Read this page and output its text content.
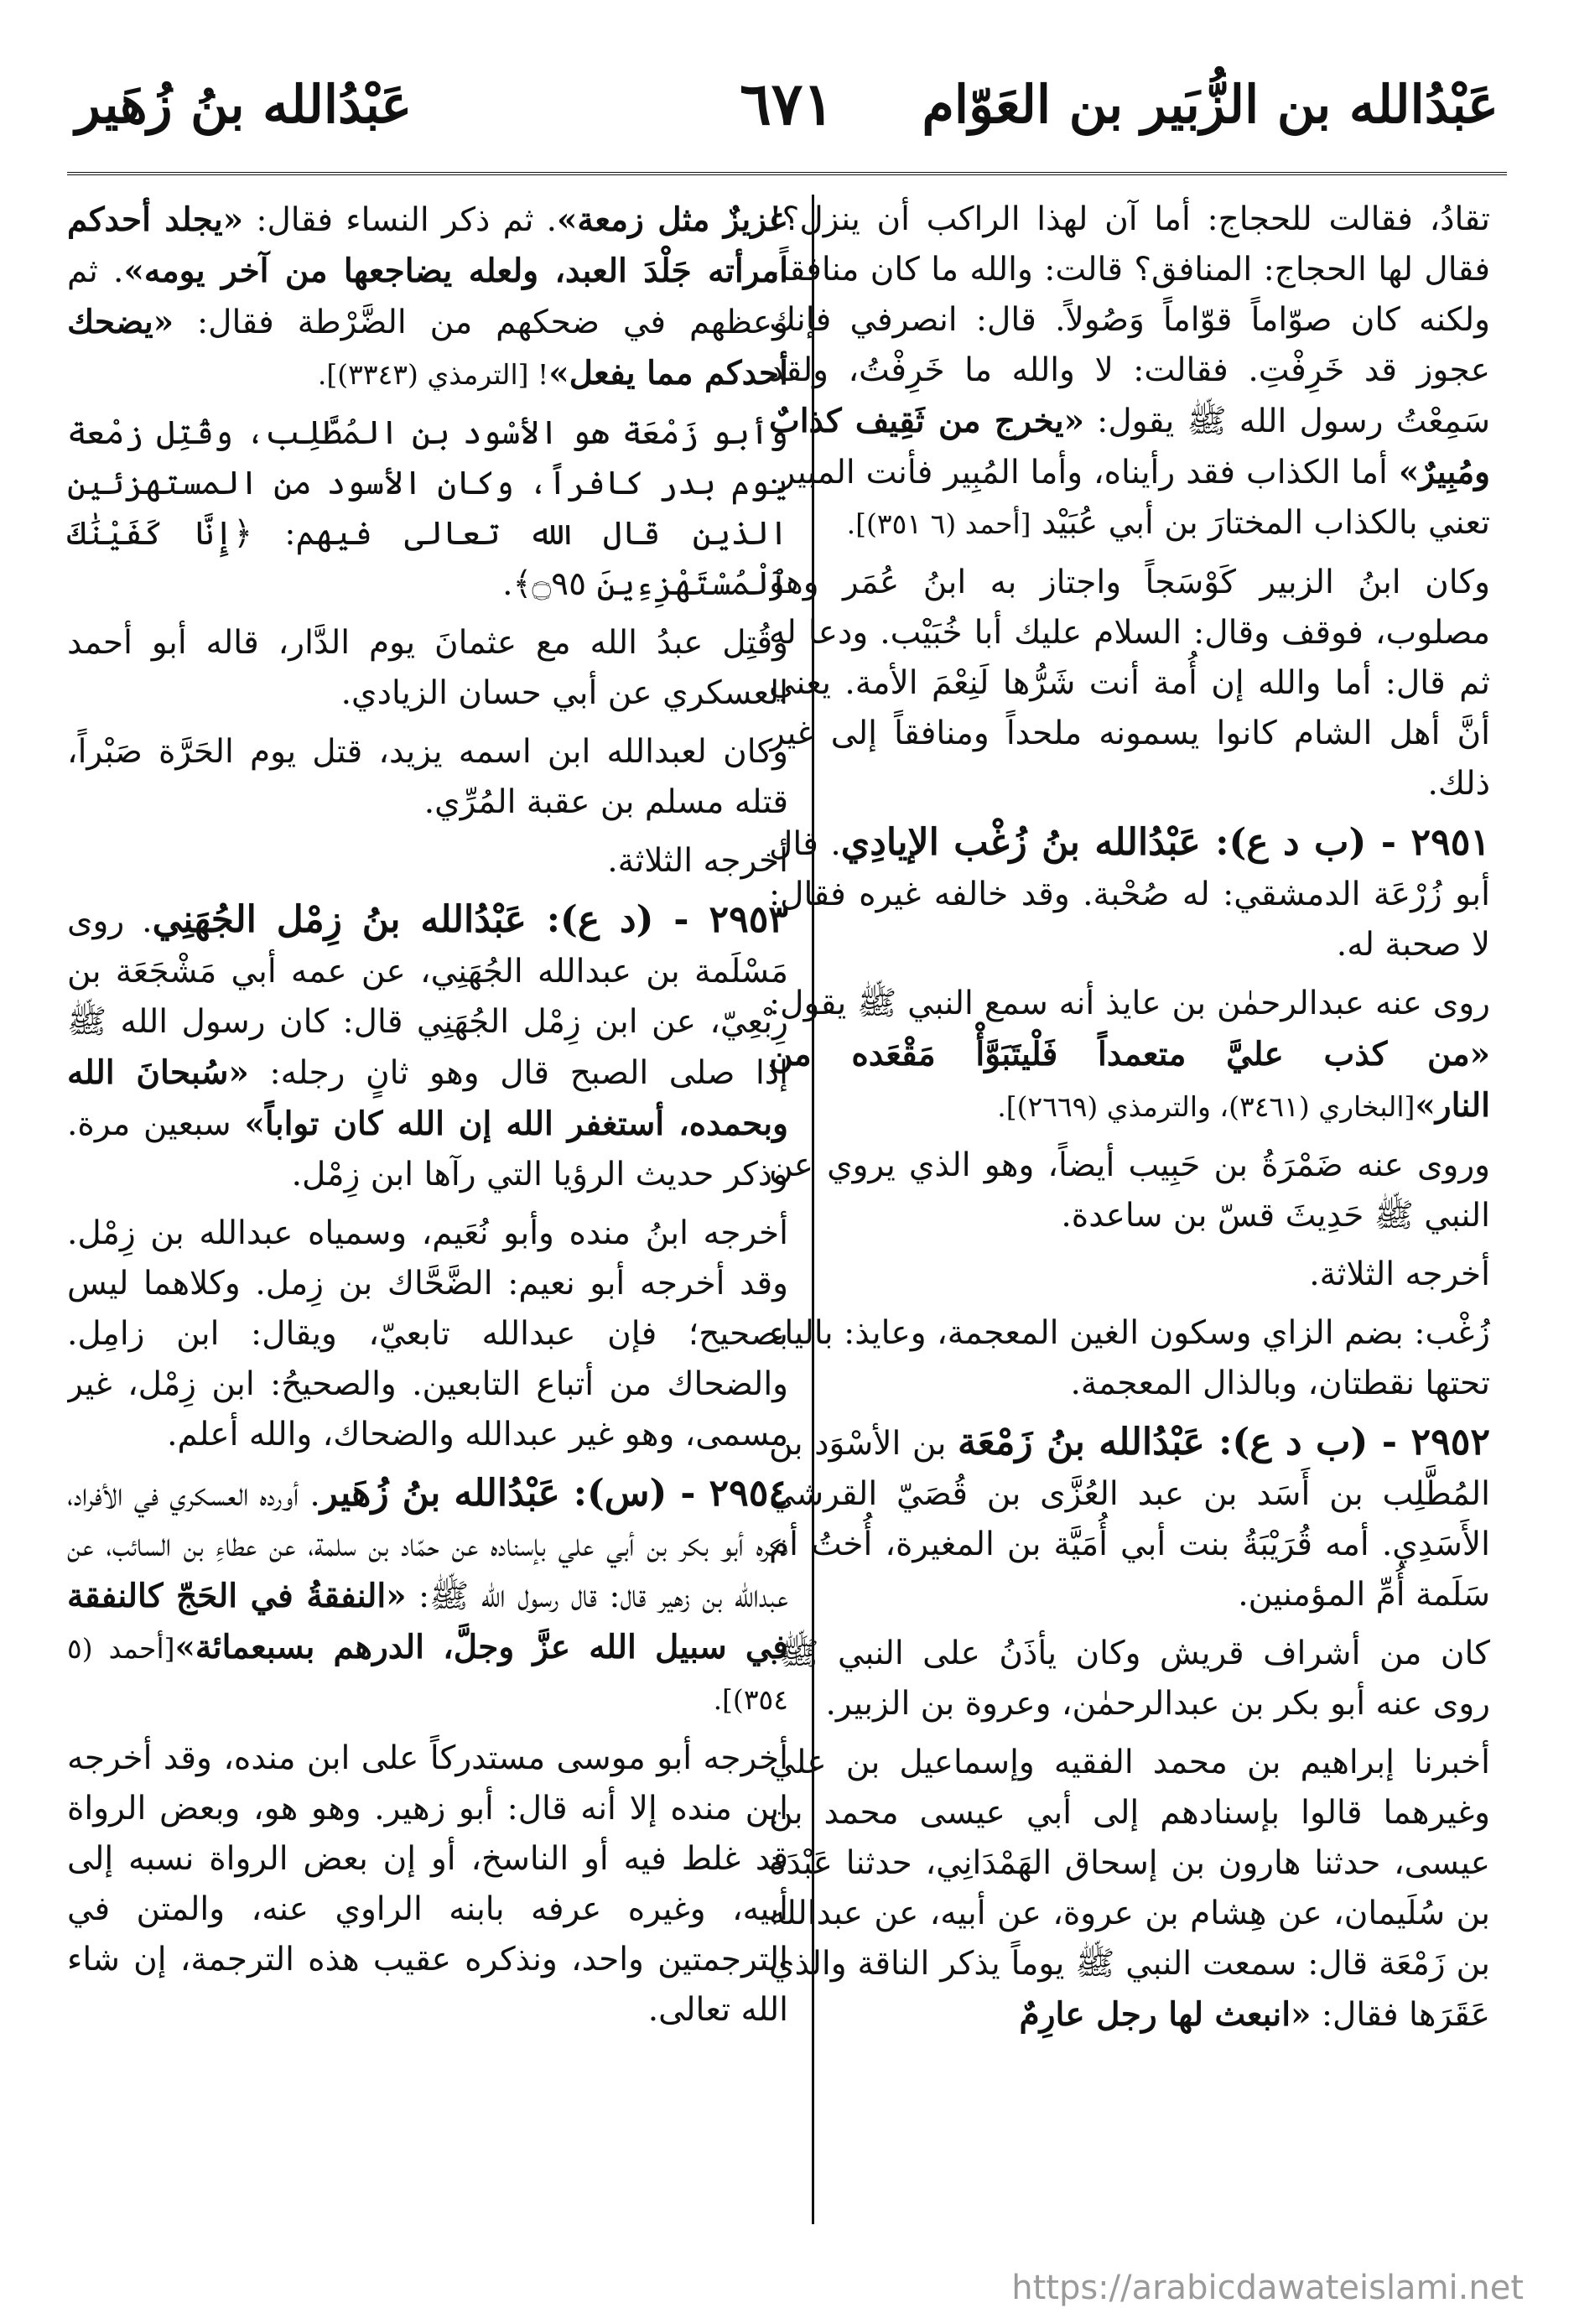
عَبْدُالله بن الزُّبَير بن العَوّام
٦٧١
عَبْدُالله بنُ زُهَير

تقادُ، فقالت للحجاج: أما آن لهذا الراكب أن ينزل؟! فقال لها الحجاج: المنافق؟ قالت: والله ما كان منافقاً، ولكنه كان صوّاماً قوّاماً وَصُولاً. قال: انصرفي فإنك عجوز قد خَرِفْتِ. فقالت: لا والله ما خَرِفْتُ، ولقد سَمِعْتُ رسول الله ﷺ يقول: «يخرج من ثَقِيف كذابٌ ومُبِيرٌ» أما الكذاب فقد رأيناه، وأما المُبِير فأنت المبير. تعني بالكذاب المختارَ بن أبي عُبَيْد [أحمد (٦ ٣٥١)].

وكان ابنُ الزبير كَوْسَجاً واجتاز به ابنُ عُمَر وهو مصلوب، فوقف وقال: السلام عليك أبا خُبَيْب. ودعا له ثم قال: أما والله إن أُمة أنت شَرُّها لَنِعْمَ الأمة. يعني أنَّ أهل الشام كانوا يسمونه ملحداً ومنافقاً إلى غير ذلك.

٢٩٥١ - (ب د ع): عَبْدُالله بنُ زُغْب الإيادِي. قال أبو زُرْعَة الدمشقي: له صُحْبة. وقد خالفه غيره فقال: لا صحبة له.

روى عنه عبدالرحمٰن بن عايذ أنه سمع النبي ﷺ يقول: «من كذب عليَّ متعمداً فَلْيتَبَوَّأْ مَقْعَده من النار»[البخاري (٣٤٦١)، والترمذي (٢٦٦٩)].

وروى عنه ضَمْرَةُ بن حَبِيب أيضاً، وهو الذي يروي عن النبي ﷺ حَدِيثَ قسّ بن ساعدة.

أخرجه الثلاثة.

زُغْب: بضم الزاي وسكون الغين المعجمة، وعايذ: بالياء تحتها نقطتان، وبالذال المعجمة.

٢٩٥٢ - (ب د ع): عَبْدُالله بنُ زَمْعَة بن الأسْوَد بن المُطَّلِب بن أَسَد بن عبد العُزَّى بن قُصَيّ القرشي الأَسَدِي. أمه قُرَيْبَةُ بنت أبي أُمَيَّة بن المغيرة، أُختُ أم سَلَمة أُمِّ المؤمنين.

كان من أشراف قريش وكان يأذَنُ على النبي ﷺ. روى عنه أبو بكر بن عبدالرحمٰن، وعروة بن الزبير.

أخبرنا إبراهيم بن محمد الفقيه وإسماعيل بن علي وغيرهما قالوا بإسنادهم إلى أبي عيسى محمد بن عيسى، حدثنا هارون بن إسحاق الهَمْدَانِي، حدثنا عَبْدَة بن سُلَيمان، عن هِشام بن عروة، عن أبيه، عن عبدالله بن زَمْعَة قال: سمعت النبي ﷺ يوماً يذكر الناقة والذي عَقَرَها فقال: «انبعث لها رجل عارِمٌ

عزيزٌ مثل زمعة». ثم ذكر النساء فقال: «يجلد أحدكم امرأته جَلْدَ العبد، ولعله يضاجعها من آخر يومه». ثم وعظهم في ضحكهم من الضَّرْطة فقال: «يضحك أحدكم مما يفعل»! [الترمذي (٣٣٤٣)].

وأبو زَمْعَة هو الأسْود بن المُطَّلِب، وقُتِل زمْعة يوم بدر كافراً، وكان الأسود من المستهزئين الذين قال الله تعالى فيهم: ﴿إِنَّا كَفَيْنَٰكَ ٱلْمُسْتَهْزِءِينَ ۝٩٥﴾.

وقُتِل عبدُ الله مع عثمانَ يوم الدَّار، قاله أبو أحمد العسكري عن أبي حسان الزيادي.

وكان لعبدالله ابن اسمه يزيد، قتل يوم الحَرَّة صَبْراً، قتله مسلم بن عقبة المُرِّي.

أخرجه الثلاثة.

٢٩٥٣ - (د ع): عَبْدُالله بنُ زِمْل الجُهَنِي. روى مَسْلَمة بن عبدالله الجُهَنِي، عن عمه أبي مَشْجَعَة بن رِبْعِيّ، عن ابن زِمْل الجُهَنِي قال: كان رسول الله ﷺ إذا صلى الصبح قال وهو ثانٍ رجله: «سُبحانَ الله وبحمده، أستغفر الله إن الله كان تواباً» سبعين مرة. وذكر حديث الرؤيا التي رآها ابن زِمْل.

أخرجه ابنُ منده وأبو نُعَيم، وسمياه عبدالله بن زِمْل. وقد أخرجه أبو نعيم: الضَّحَّاك بن زِمل. وكلاهما ليس بصحيح؛ فإن عبدالله تابعيّ، ويقال: ابن زامِل. والضحاك من أتباع التابعين. والصحيحُ: ابن زِمْل، غير مسمى، وهو غير عبدالله والضحاك، والله أعلم.

٢٩٥٤ - (س): عَبْدُالله بنُ زُهَير. أورده العسكري في الأفراد، ذكره أبو بكر بن أبي علي بإسناده عن حمّاد بن سلمة، عن عطاءِ بن السائب، عن عبدالله بن زهير قال: قال رسول الله ﷺ: «النفقةُ في الحَجّ كالنفقة في سبيل الله عزَّ وجلَّ، الدرهم بسبعمائة»[أحمد (٥ ٣٥٤)].

أخرجه أبو موسى مستدركاً على ابن منده، وقد أخرجه ابن منده إلا أنه قال: أبو زهير. وهو هو، وبعض الرواة قد غلط فيه أو الناسخ، أو إن بعض الرواة نسبه إلى أبيه، وغيره عرفه بابنه الراوي عنه، والمتن في الترجمتين واحد، ونذكره عقيب هذه الترجمة، إن شاء الله تعالى.

https://arabicdawateislami.net
